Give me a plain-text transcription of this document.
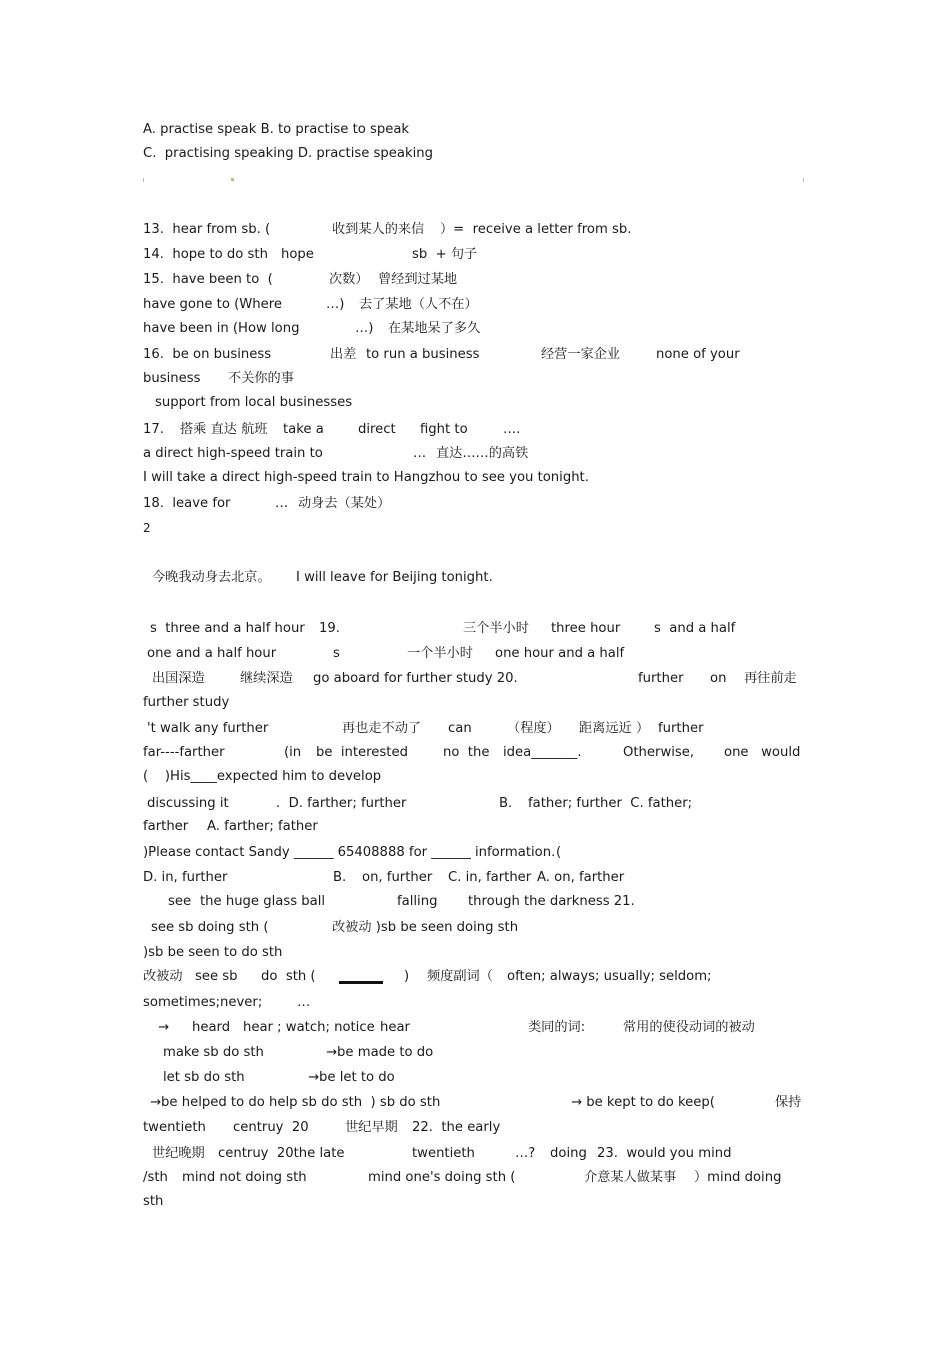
A. practise speak B. to practise to speak
C.  practising speaking D. practise speaking
13.  hear from sb. (	收到某人的来信 ）=  receive a letter from sb.
14.  hope to do sth hope	sb  + 句子
15.  have been to  (	次数） 曾经到过某地
have gone to (Where	…) 去了某地（人不在）
have been in (How long	…) 在某地呆了多久
16.  be on business	出差 to run a business	经营一家企业	none of your
business 不关你的事
support from local businesses
17. 搭乘 直达 航班 take a	direct fight to	….
a direct high-speed train to	… 直达……的高铁
I will take a direct high-speed train to Hangzhou to see you tonight.
18.  leave for	… 动身去（某处）
2
今晚我动身去北京。 I will leave for Beijing tonight.
s  three and a half hour 19.	三个半小时 three hour	s  and a half
one and a half hour	s	一个半小时 one hour and a half
出国深造	继续深造 go aboard for further study 20.	further on 再往前走
further study
't walk any further	再也走不动了 can	（程度） 距离远近 ） further
far----farther	(in be  interested	no  the idea_______.	Otherwise, one   would
(    )His____expected him to develop
discussing it	.  D. farther; further	B. father; further  C. father;
farther A. farther; father
)Please contact Sandy ______ 65408888 for ______ information. (
D. in, further	B. on, further C. in, farther A. on, farther
see the huge glass ball	falling through the darkness 21.
see sb doing sth (	改被动 )sb be seen doing sth
)sb be seen to do sth
改被动 see sb do  sth (	) 频度副词（ often; always; usually; seldom;
sometimes;never;	…
→ heard hear ; watch; notice hear	类同的词:	常用的使役动词的被动
make sb do sth	→be made to do
let sb do sth	→be let to do
→be helped to do help sb do sth  ) sb do sth	→ be kept to do keep(	保持
twentieth centruy  20	世纪早期 22.  the early
世纪晚期 centruy  20the late	twentieth	…? doing 23.  would you mind
/sth mind not doing sth	mind one's doing sth (	介意某人做某事 ）mind doing
sth
